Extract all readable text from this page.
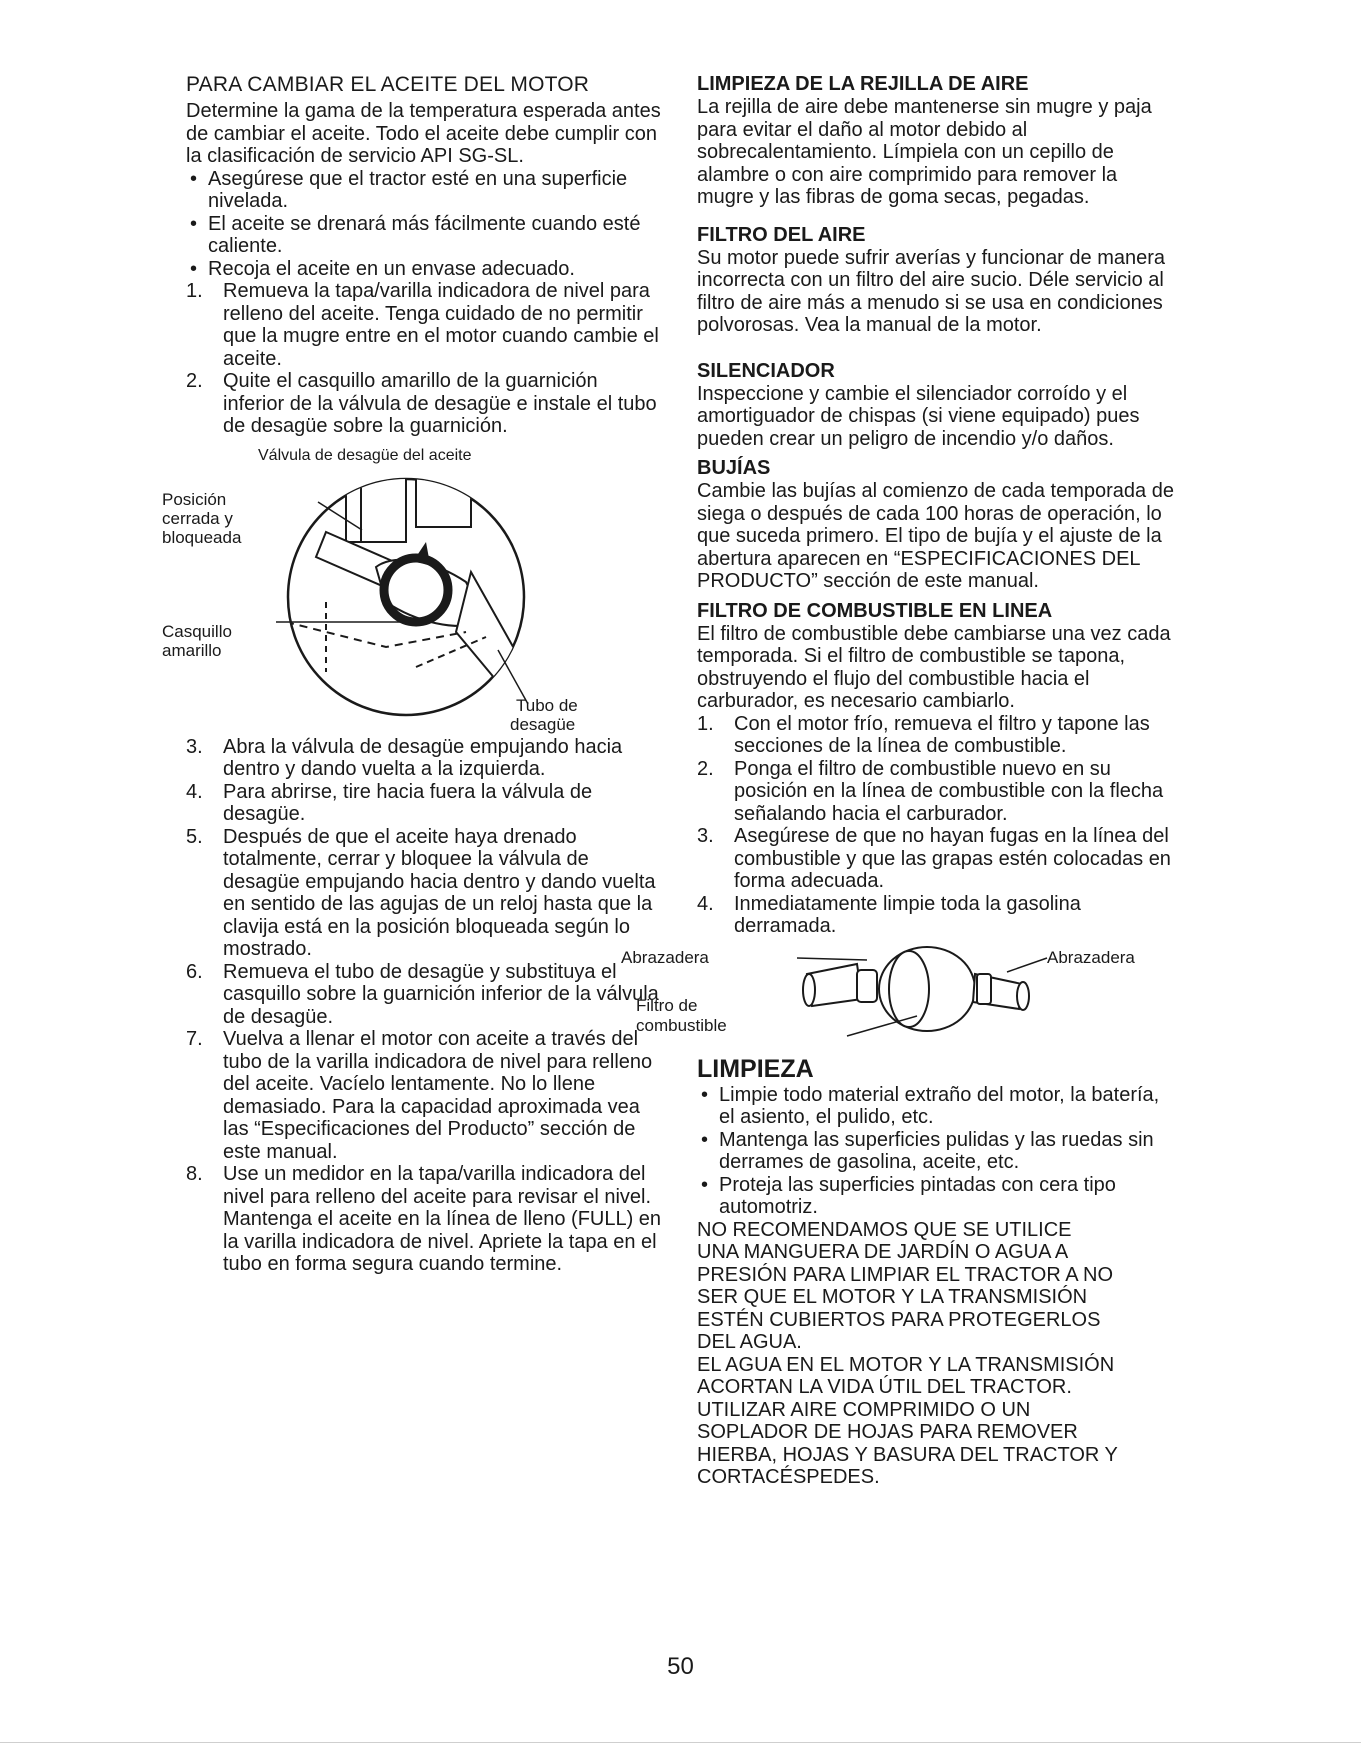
PARA CAMBIAR EL ACEITE DEL MOTOR

Determine la gama de la temperatura esperada antes de cambiar el aceite. Todo el aceite debe cumplir con la clasificación de servicio API SG-SL.

• Asegúrese que el tractor esté en una superficie nivelada.
• El aceite se drenará más fácilmente cuando esté caliente.
• Recoja el aceite en un envase adecuado.
1. Remueva la tapa/varilla indicadora de nivel para relleno del aceite. Tenga cuidado de no permitir que la mugre entre en el motor cuando cambie el aceite.
2. Quite el casquillo amarillo de la guarnición inferior de la válvula de desagüe e instale el tubo de desagüe sobre la guarnición.
Válvula de desagüe del aceite
Posición
cerrada y
bloqueada
Casquillo
amarillo
Tubo de
desagüe
3. Abra la válvula de desagüe empujando hacia dentro y dando vuelta a la izquierda.
4. Para abrirse, tire hacia fuera la válvula de desagüe.
5. Después de que el aceite haya drenado totalmente, cerrar y bloquee la válvula de desagüe empujando hacia dentro y dando vuelta en sentido de las agujas de un reloj hasta que la clavija está en la posición bloqueada según lo mostrado.
6. Remueva el tubo de desagüe y substituya el casquillo sobre la guarnición inferior de la válvula de desagüe.
7. Vuelva a llenar el motor con aceite a través del tubo de la varilla indicadora de nivel para relleno del aceite. Vacíelo lentamente. No lo llene demasiado. Para la capacidad aproximada vea las “Especificaciones del Producto” sección de este manual.
8. Use un medidor en la tapa/varilla indicadora del nivel para relleno del aceite para revisar el nivel. Mantenga el aceite en la línea de lleno (FULL) en la varilla indicadora de nivel. Apriete la tapa en el tubo en forma segura cuando termine.

LIMPIEZA DE LA REJILLA DE AIRE

La rejilla de aire debe mantenerse sin mugre y paja para evitar el daño al motor debido al sobrecalentamiento. Límpiela con un cepillo de alambre o con aire comprimido para remover la mugre y las fibras de goma secas, pegadas.

FILTRO DEL AIRE

Su motor puede sufrir averías y funcionar de manera incorrecta con un filtro del aire sucio. Déle servicio al filtro de aire más a menudo si se usa en condiciones polvorosas. Vea la manual de la motor.

SILENCIADOR

Inspeccione y cambie el silenciador corroído y el amortiguador de chispas (si viene equipado) pues pueden crear un peligro de incendio y/o daños.

BUJÍAS

Cambie las bujías al comienzo de cada temporada de siega o después de cada 100 horas de operación, lo que suceda primero. El tipo de bujía y el ajuste de la abertura aparecen en “ESPECIFICACIONES DEL PRODUCTO” sección de este manual.

FILTRO DE COMBUSTIBLE EN LINEA

El filtro de combustible debe cambiarse una vez cada temporada. Si el filtro de combustible se tapona, obstruyendo el flujo del combustible hacia el carburador, es necesario cambiarlo.

1. Con el motor frío, remueva el filtro y tapone las secciones de la línea de combustible.
2. Ponga el filtro de combustible nuevo en su posición en la línea de combustible con la flecha señalando hacia el carburador.
3. Asegúrese de que no hayan fugas en la línea del combustible y que las grapas estén colocadas en forma adecuada.
4. Inmediatamente limpie toda la gasolina derramada.
Abrazadera	Abrazadera
Filtro de
combustible

LIMPIEZA

• Limpie todo material extraño del motor, la batería, el asiento, el pulido, etc.
• Mantenga las superficies pulidas y las ruedas sin derrames de gasolina, aceite, etc.
• Proteja las superficies pintadas con cera tipo automotriz.

NO RECOMENDAMOS QUE SE UTILICE

UNA MANGUERA DE JARDÍN O AGUA A

PRESIÓN PARA LIMPIAR EL TRACTOR A NO

SER QUE EL MOTOR Y LA TRANSMISIÓN

ESTÉN CUBIERTOS PARA PROTEGERLOS

DEL AGUA.

EL AGUA EN EL MOTOR Y LA TRANSMISIÓN

ACORTAN LA VIDA ÚTIL DEL TRACTOR.

UTILIZAR AIRE COMPRIMIDO O UN

SOPLADOR DE HOJAS PARA REMOVER

HIERBA, HOJAS Y BASURA DEL TRACTOR Y

CORTACÉSPEDES.

50
